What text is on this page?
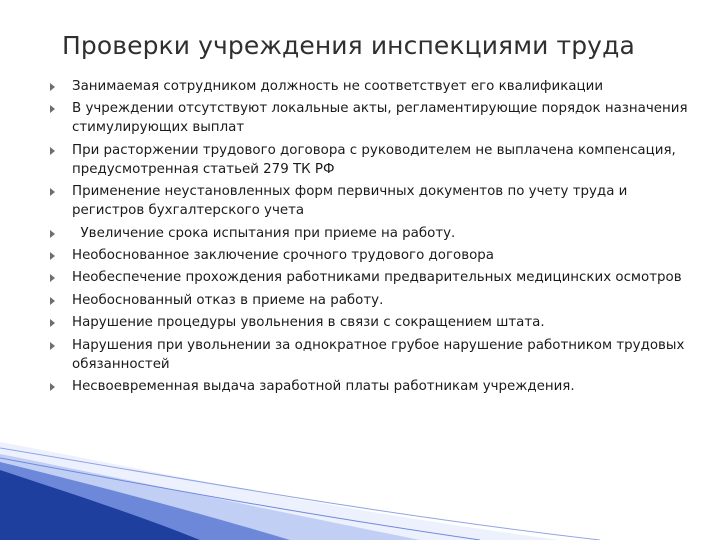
Проверки учреждения инспекциями труда
Занимаемая сотрудником должность не соответствует его квалификации
В учреждении отсутствуют локальные акты, регламентирующие порядок назначения стимулирующих выплат
При расторжении трудового договора с руководителем не выплачена компенсация, предусмотренная статьей 279 ТК РФ
Применение неустановленных форм первичных документов по учету труда и регистров бухгалтерского учета
Увеличение срока испытания при приеме на работу.
Необоснованное заключение срочного трудового договора
Необеспечение прохождения работниками предварительных медицинских осмотров
Необоснованный отказ в приеме на работу.
Нарушение процедуры увольнения в связи с сокращением штата.
Нарушения при увольнении за однократное грубое нарушение работником трудовых обязанностей
Несвоевременная выдача заработной платы работникам учреждения.
